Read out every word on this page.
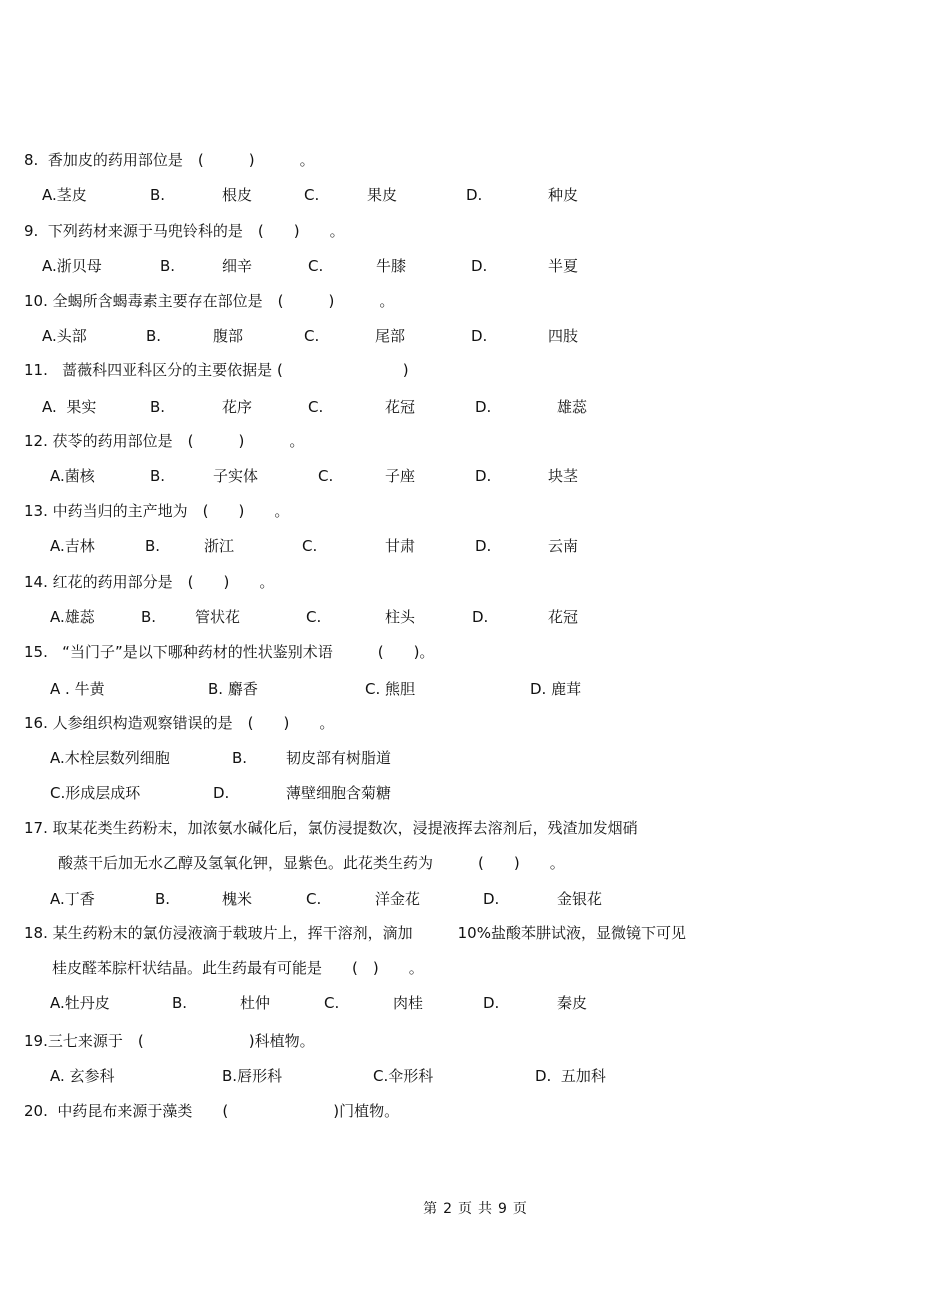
8. 香加皮的药用部位是　(　　　)　　　。
A.茎皮	B.	根皮	C.	果皮	D.	种皮
9. 下列药材来源于马兜铃科的是　(　　)　　。
A.浙贝母	B.	细辛	C.	牛膝	D.	半夏
10. 全蝎所含蝎毒素主要存在部位是　(　　　)　　　。
A.头部	B.	腹部	C.	尾部	D.	四肢
11. 蔷薇科四亚科区分的主要依据是 (　　　　　　　　)
A. 果实	B.	花序	C.	花冠	D.	雄蕊
12. 茯苓的药用部位是　(　　　)　　　。
A.菌核	B.	子实体	C.	子座	D.	块茎
13. 中药当归的主产地为　(　　)　　。
A.吉林	B.	浙江	C.	甘肃	D.	云南
14. 红花的药用部分是　(　　)　　。
A.雄蕊	B.	管状花	C.	柱头	D.	花冠
15. “当门子”是以下哪种药材的性状鉴别术语　　　(　　)。
A . 牛黄	B. 麝香	C. 熊胆	D. 鹿茸
16. 人参组织构造观察错误的是　(　　)　　。
A.木栓层数列细胞	B.	韧皮部有树脂道
C.形成层成环	D.	薄壁细胞含菊糖
17. 取某花类生药粉末，加浓氨水碱化后，氯仿浸提数次，浸提液挥去溶剂后，残渣加发烟硝
酸蒸干后加无水乙醇及氢氧化钾，显紫色。此花类生药为　　　(　　)　　。
A.丁香	B.	槐米	C.	洋金花	D.	金银花
18. 某生药粉末的氯仿浸液滴于载玻片上，挥干溶剂，滴加　　　10%盐酸苯肼试液，显微镜下可见
桂皮醛苯腙杆状结晶。此生药最有可能是　　(　)　　。
A.牡丹皮	B.	杜仲	C.	肉桂	D.	秦皮
19.三七来源于　(　　　　　　　)科植物。
A. 玄参科	B.唇形科	C.伞形科	D. 五加科
20. 中药昆布来源于藻类　　(　　　　　　　)门植物。
第 2 页 共 9 页
